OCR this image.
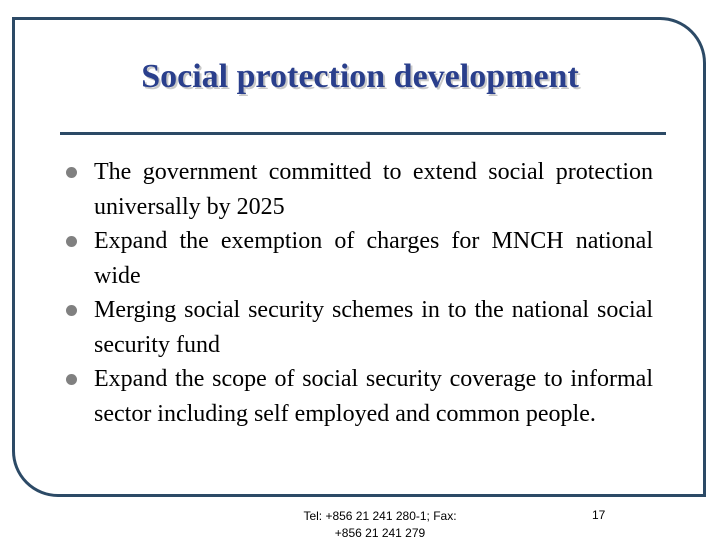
Social protection development
The government committed to extend social protection universally by 2025
Expand the exemption of charges for MNCH national wide
Merging social security schemes in to the national social security fund
Expand the scope of social security coverage to informal sector including self employed and common people.
Tel: +856 21 241 280-1; Fax:
+856 21 241 279
17
